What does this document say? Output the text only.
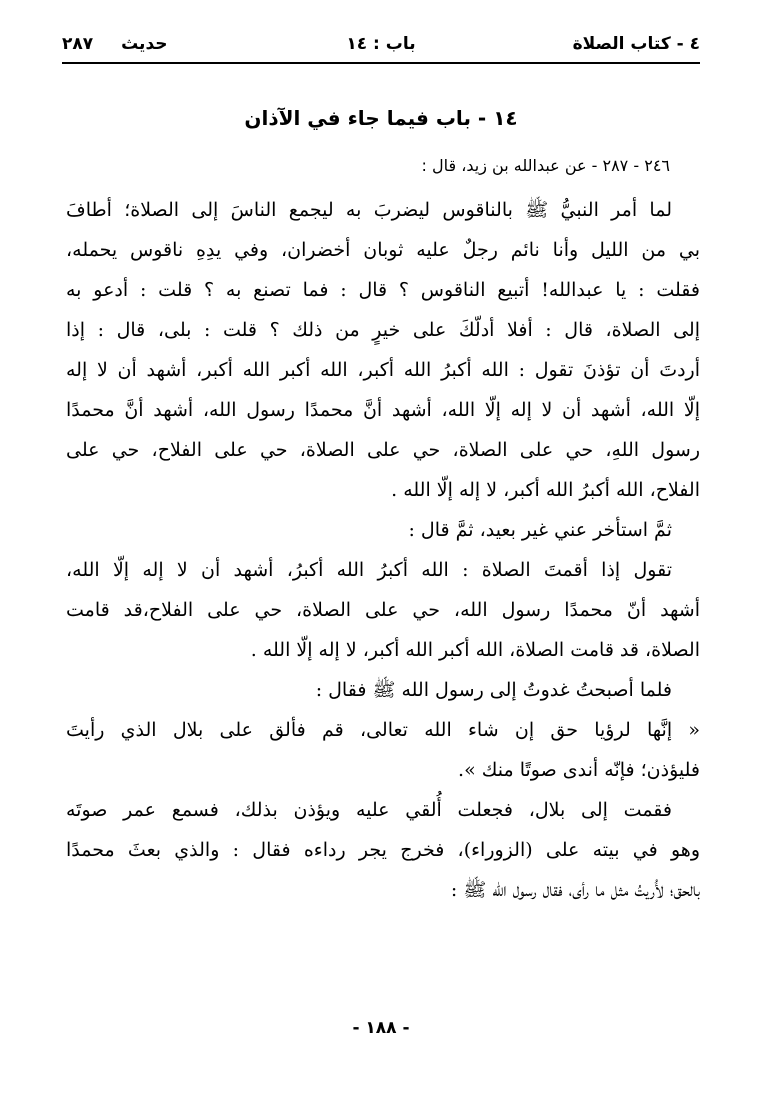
٤ - كتاب الصلاة
باب : ١٤
حديث ٢٨٧
١٤ - باب فيما جاء في الآذان
٢٤٦ - ٢٨٧ - عن عبدالله بن زيد، قال :
لما أمر النبيُّ ﷺ بالناقوس ليضربَ به ليجمع الناسَ إلى الصلاة؛ أطافَ
بي من الليل وأنا نائم رجلٌ عليه ثوبان أخضران، وفي يدِهِ ناقوس يحمله،
فقلت : يا عبدالله! أتبيع الناقوس ؟ قال : فما تصنع به ؟ قلت : أدعو به
إلى الصلاة، قال : أفلا أدلّكَ على خيرٍ من ذلك ؟ قلت : بلى، قال : إذا
أردتَ أن تؤذنَ تقول : الله أكبرُ الله أكبر، الله أكبر الله أكبر، أشهد أن لا إله
إلّا الله، أشهد أن لا إله إلّا الله، أشهد أنَّ محمدًا رسول الله، أشهد أنَّ محمدًا
رسول اللهِ، حي على الصلاة، حي على الصلاة، حي على الفلاح، حي على
الفلاح، الله أكبرُ الله أكبر، لا إله إلّا الله .
ثمَّ استأخر عني غير بعيد، ثمَّ قال :
تقول إذا أقمتَ الصلاة : الله أكبرُ الله أكبرُ، أشهد أن لا إله إلّا الله،
أشهد أنّ محمدًا رسول الله، حي على الصلاة، حي على الفلاح،قد قامت
الصلاة، قد قامت الصلاة، الله أكبر الله أكبر، لا إله إلّا الله .
فلما أصبحتُ غدوتُ إلى رسول الله ﷺ فقال :
« إنَّها لرؤيا حق إن شاء الله تعالى، قم فألق على بلال الذي رأيتَ
فليؤذن؛ فإنّه أندى صوتًا منك ».
فقمت إلى بلال، فجعلت أُلقي عليه ويؤذن بذلك، فسمع عمر صوتَه
وهو في بيته على (الزوراء)، فخرج يجر رداءه فقال : والذي بعثَ محمدًا
بالحق؛ لأُريتُ مثل ما رأى، فقال رسول الله ﷺ :
- ١٨٨ -
